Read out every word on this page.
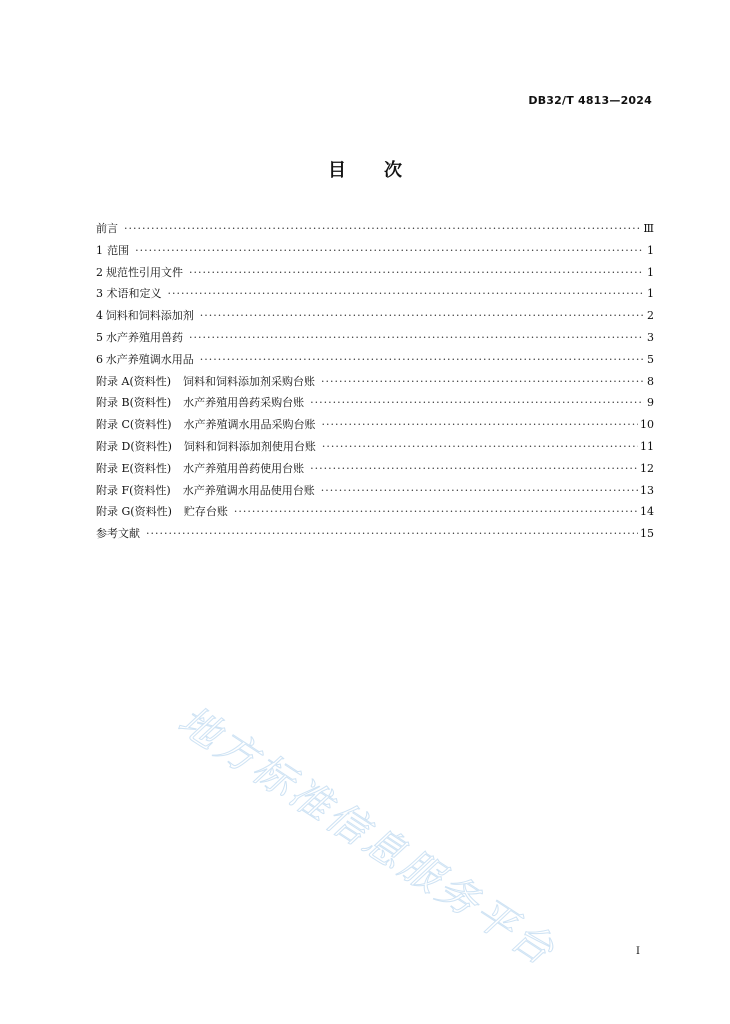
DB32/T 4813—2024
目 次
前言 ·····	Ⅲ
1 范围 ·····	1
2 规范性引用文件 ·····	1
3 术语和定义 ·····	1
4 饲料和饲料添加剂 ·····	2
5 水产养殖用兽药 ·····	3
6 水产养殖调水用品 ·····	5
附录 A(资料性) 饲料和饲料添加剂采购台账 ·····	8
附录 B(资料性) 水产养殖用兽药采购台账 ·····	9
附录 C(资料性) 水产养殖调水用品采购台账 ·····	10
附录 D(资料性) 饲料和饲料添加剂使用台账 ·····	11
附录 E(资料性) 水产养殖用兽药使用台账 ·····	12
附录 F(资料性) 水产养殖调水用品使用台账 ·····	13
附录 G(资料性) 贮存台账 ·····	14
参考文献 ·····	15
地方标准信息服务平台	I
